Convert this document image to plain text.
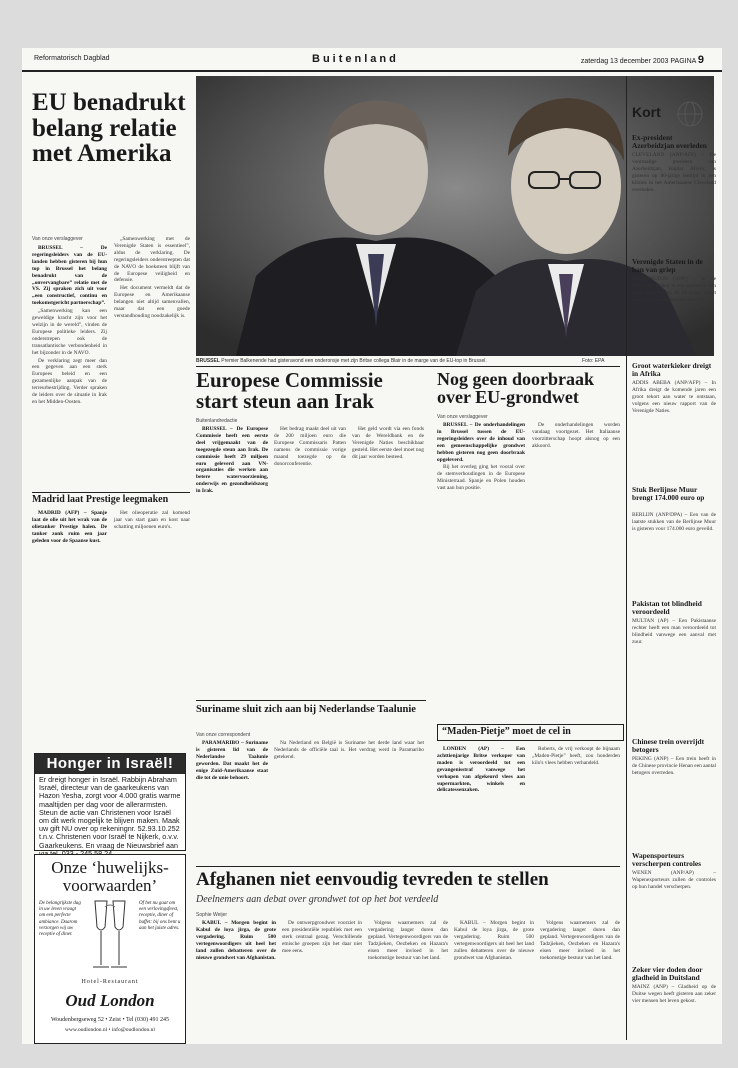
Reformatorisch Dagblad	Buitenland	zaterdag 13 december 2003 PAGINA 9
EU benadrukt belang relatie met Amerika
Van onze verslaggever

BRUSSEL – De regeringsleiders van de EU-landen hebben gisteren bij hun top in Brussel het belang benadrukt van de „onvervangbare” relatie met de VS. Zij spraken zich uit voor „een constructief, continu en toekomstgericht partnerschap”.

„Samenwerking kan een geweldige kracht zijn voor het welzijn in de wereld”, vinden de Europese politieke leiders. Zij onderstrepen ook de transatlantische verbondenheid in het bijzonder in de NAVO.

De verklaring zegt meer dan een gegeven aan een sterk Europees beleid en een gezamenlijke aanpak van de terreurbestrijding. Verder spraken de leiders over de situatie in Irak en het Midden-Oosten.

„Samenwerking met de Verenigde Staten is essentieel”, aldus de verklaring. De regeringsleiders onderstreepten dat de NAVO de hoeksteen blijft van de Europese veiligheid en defensie.

Het document vermeldt dat de Europese en Amerikaanse belangen niet altijd samenvallen, maar dat een goede verstandhouding noodzakelijk is.

Madrid laat Prestige leegmaken

MADRID (AFP) – Spanje laat de olie uit het wrak van de olietanker Prestige halen. De tanker zonk ruim een jaar geleden voor de Spaanse kust.

Het olieoperatie zal komend jaar van start gaan en kost naar schatting miljoenen euro's.

BRUSSEL Premier Balkenende had gisteravond een onderonsje met zijn Britse collega Blair in de marge van de EU-top in Brussel.	Foto: EPA
Europese Commissie start steun aan Irak
Buitenlandredactie

BRUSSEL – De Europese Commissie heeft een eerste deel vrijgemaakt van de toegezegde steun aan Irak. De commissie heeft 29 miljoen euro geleverd aan VN-organisaties die werken aan betere watervoorziening, onderwijs en gezondheidszorg in Irak.

Het bedrag maakt deel uit van de 200 miljoen euro die Europese Commissaris Patten namens de commissie vorige maand toezegde op de donorconferentie.

Het geld wordt via een fonds van de Wereldbank en de Verenigde Naties beschikbaar gesteld. Het eerste deel moet nog dit jaar worden besteed.

Nog geen doorbraak over EU-grondwet
Van onze verslaggever

BRUSSEL – De onderhandelingen in Brussel tussen de EU-regeringsleiders over de inhoud van een gemeenschappelijke grondwet hebben gisteren nog geen doorbraak opgeleverd.

Bij het overleg ging het vooral over de stemverhoudingen in de Europese Ministerraad. Spanje en Polen houden vast aan hun positie.

De onderhandelingen worden vandaag voortgezet. Het Italiaanse voorzitterschap hoopt alsnog op een akkoord.

Suriname sluit zich aan bij Nederlandse Taalunie
Van onze correspondent

PARAMARIBO – Suriname is gisteren lid van de Nederlandse Taalunie geworden. Dat maakt het de enige Zuid-Amerikaanse staat die tot de unie behoort.

Na Nederland en België is Suriname het derde land waar het Nederlands de officiële taal is. Het verdrag werd in Paramaribo getekend.

“Maden-Pietje” moet de cel in

LONDEN (AP) – Een achttienjarige Britse verkoper van maden is veroordeeld tot een gevangenisstraf vanwege het verkopen van afgekeurd vlees aan supermarkten, winkels en delicatessenzaken.

Roberts, de vrij verkoopt de bijnaam „Maden-Pietje” heeft, zou honderden kilo's vlees hebben verhandeld.

Afghanen niet eenvoudig tevreden te stellen
Deelnemers aan debat over grondwet tot op het bot verdeeld
Sophie Weijer

KABUL – Morgen begint in Kabul de loya jirga, de grote vergadering. Ruim 500 vertegenwoordigers uit heel het land zullen debatteren over de nieuwe grondwet van Afghanistan.

De ontwerpgrondwet voorziet in een presidentiële republiek met een sterk centraal gezag. Verschillende etnische groepen zijn het daar niet mee eens.

Volgens waarnemers zal de vergadering langer duren dan gepland. Vertegenwoordigers van de Tadzjieken, Oezbeken en Hazara's eisen meer invloed in het toekomstige bestuur van het land.

KABUL – Morgen begint in Kabul de loya jirga, de grote vergadering. Ruim 500 vertegenwoordigers uit heel het land zullen debatteren over de nieuwe grondwet van Afghanistan.

Volgens waarnemers zal de vergadering langer duren dan gepland. Vertegenwoordigers van de Tadzjieken, Oezbeken en Hazara's eisen meer invloed in het toekomstige bestuur van het land.

Kort
Ex-president Azerbeidzjan overleden
CLEVELAND (ANP/AFP) – De voormalige president van Azerbeidzjan, Hajdar Aliyev, is gisteren op 80-jarige leeftijd in een kliniek in het Amerikaanse Cleveland overleden.
Verenigde Staten in de ban van griep
WASHINGTON (ANP) – In de Verenigde Staten is een epidemie van griep uitgebroken. In 24 staten wordt een groot aantal gevallen gemeld.
Groot waterkieker dreigt in Afrika
ADDIS ABEBA (ANP/AFP) – In Afrika dreigt de komende jaren een groot tekort aan water te ontstaan, volgens een nieuw rapport van de Verenigde Naties.
Stuk Berlijnse Muur brengt 174.000 euro op
BERLIJN (ANP/DPA) – Een van de laatste stukken van de Berlijnse Muur is gisteren voor 174.000 euro geveild.
Pakistan tot blindheid veroordeeld
MULTAN (AP) – Een Pakistaanse rechter heeft een man veroordeeld tot blindheid vanwege een aanval met zuur.
Chinese trein overrijdt betogers
PEKING (ANP) – Een trein heeft in de Chinese provincie Henan een aantal betogers overreden.
Wapensporteurs verscherpen controles
WENEN (ANP/AP) – Wapenexporteurs zullen de controles op hun handel verscherpen.
Zeker vier doden door gladheid in Duitsland
MAINZ (ANP) – Gladheid op de Duitse wegen heeft gisteren aan zeker vier mensen het leven gekost.
Honger in Israël!
Er dreigt honger in Israël. Rabbijn Abraham Israël, directeur van de gaarkeukens van Hazon Yesha, zorgt voor 4.000 gratis warme maaltijden per dag voor de allerarmsten. Steun de actie van Christenen voor Israël om dit werk mogelijk te blijven maken. Maak uw gift NU over op rekeningnr. 52.93.10.252 t.n.v. Christenen voor Israël te Nijkerk, o.v.v. Gaarkeukens. En vraag de Nieuwsbrief aan
Onze ‘huwelijks-voorwaarden’
De belangrijkste dag in uw leven vraagt om een perfecte ambiance. Daarom verzorgen wij uw receptie of diner.
Of het nu gaat om een verlovingsfeest, receptie, diner of buffet: bij ons bent u aan het juiste adres.
Hotel-Restaurant
Oud London
Woudenbergseweg 52 • Zeist • Tel (030) 491 245
www.oudlondon.nl • info@oudlondon.nl
